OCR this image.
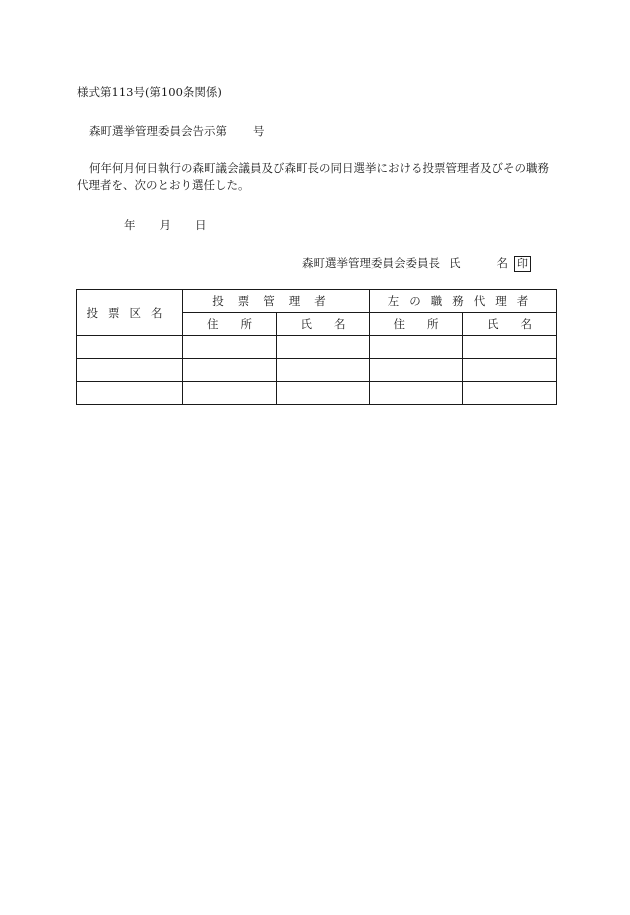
様式第113号(第100条関係)
森町選挙管理委員会告示第 号
何年何月何日執行の森町議会議員及び森町長の同日選挙における投票管理者及びその職務代理者を、次のとおり選任した。
年 月 日
森町選挙管理委員会委員長 氏	名 印
投票区名	投票管理者		左の職務代理者	
	住 所	氏 名	住 所	氏 名
